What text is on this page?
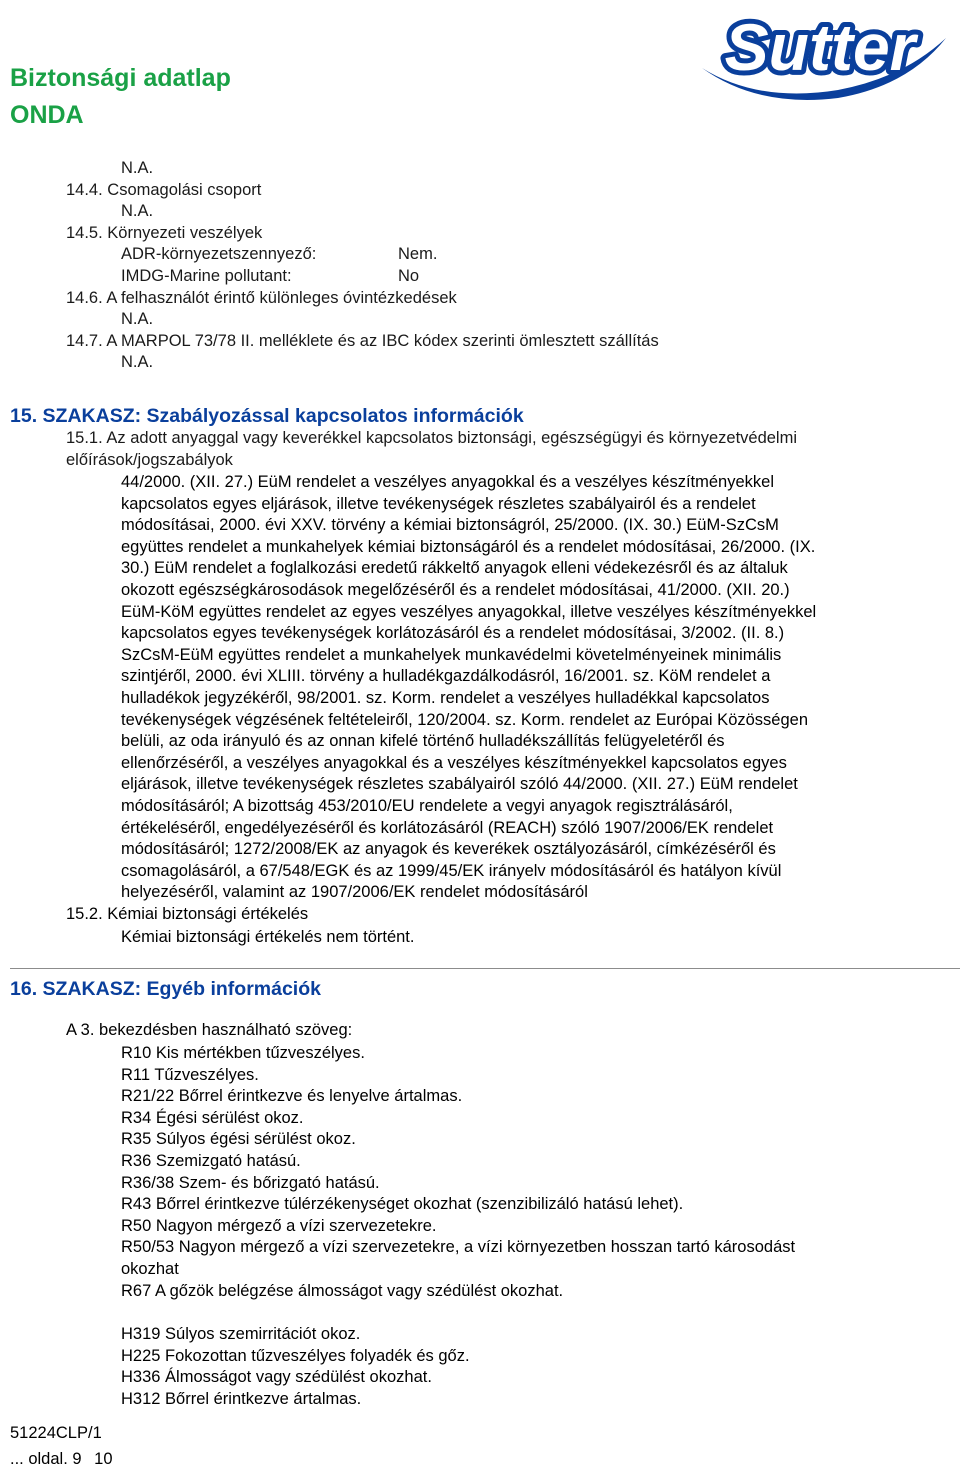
Biztonsági adatlap
ONDA
Sutter
N.A.
14.4. Csomagolási csoport
N.A.
14.5. Környezeti veszélyek
ADR-környezetszennyező:	Nem.
IMDG-Marine pollutant:	No
14.6. A felhasználót érintő különleges óvintézkedések
N.A.
14.7. A MARPOL 73/78 II. melléklete és az IBC kódex szerinti ömlesztett szállítás
N.A.
15. SZAKASZ: Szabályozással kapcsolatos információk
15.1. Az adott anyaggal vagy keverékkel kapcsolatos biztonsági, egészségügyi és környezetvédelmi
előírások/jogszabályok
44/2000. (XII. 27.) EüM rendelet a veszélyes anyagokkal és a veszélyes készítményekkel
kapcsolatos egyes eljárások, illetve tevékenységek részletes szabályairól és a rendelet
módosításai, 2000. évi XXV. törvény a kémiai biztonságról, 25/2000. (IX. 30.) EüM-SzCsM
együttes rendelet a munkahelyek kémiai biztonságáról és a rendelet módosításai, 26/2000. (IX.
30.) EüM rendelet a foglalkozási eredetű rákkeltő anyagok elleni védekezésről és az általuk
okozott egészségkárosodások megelőzéséről és a rendelet módosításai, 41/2000. (XII. 20.)
EüM-KöM együttes rendelet az egyes veszélyes anyagokkal, illetve veszélyes készítményekkel
kapcsolatos egyes tevékenységek korlátozásáról és a rendelet módosításai, 3/2002. (II. 8.)
SzCsM-EüM együttes rendelet a munkahelyek munkavédelmi követelményeinek minimális
szintjéről, 2000. évi XLIII. törvény a hulladékgazdálkodásról, 16/2001. sz. KöM rendelet a
hulladékok jegyzékéről, 98/2001. sz. Korm. rendelet a veszélyes hulladékkal kapcsolatos
tevékenységek végzésének feltételeiről, 120/2004. sz. Korm. rendelet az Európai Közösségen
belüli, az oda irányuló és az onnan kifelé történő hulladékszállítás felügyeletéről és
ellenőrzéséről, a veszélyes anyagokkal és a veszélyes készítményekkel kapcsolatos egyes
eljárások, illetve tevékenységek részletes szabályairól szóló 44/2000. (XII. 27.) EüM rendelet
módosításáról; A bizottság 453/2010/EU rendelete a vegyi anyagok regisztrálásáról,
értékeléséről, engedélyezéséről és korlátozásáról (REACH) szóló 1907/2006/EK rendelet
módosításáról; 1272/2008/EK az anyagok és keverékek osztályozásáról, címkézéséről és
csomagolásáról, a 67/548/EGK és az 1999/45/EK irányelv módosításáról és hatályon kívül
helyezéséről, valamint az 1907/2006/EK rendelet módosításáról
15.2. Kémiai biztonsági értékelés
Kémiai biztonsági értékelés nem történt.
16. SZAKASZ: Egyéb információk
A 3. bekezdésben használható szöveg:
R10 Kis mértékben tűzveszélyes.
R11 Tűzveszélyes.
R21/22 Bőrrel érintkezve és lenyelve ártalmas.
R34 Égési sérülést okoz.
R35 Súlyos égési sérülést okoz.
R36 Szemizgató hatású.
R36/38 Szem- és bőrizgató hatású.
R43 Bőrrel érintkezve túlérzékenységet okozhat (szenzibilizáló hatású lehet).
R50 Nagyon mérgező a vízi szervezetekre.
R50/53 Nagyon mérgező a vízi szervezetekre, a vízi környezetben hosszan tartó károsodást
okozhat
R67 A gőzök belégzése álmosságot vagy szédülést okozhat.
H319 Súlyos szemirritációt okoz.
H225 Fokozottan tűzveszélyes folyadék és gőz.
H336 Álmosságot vagy szédülést okozhat.
H312 Bőrrel érintkezve ártalmas.
51224CLP/1
... oldal. 9 10
